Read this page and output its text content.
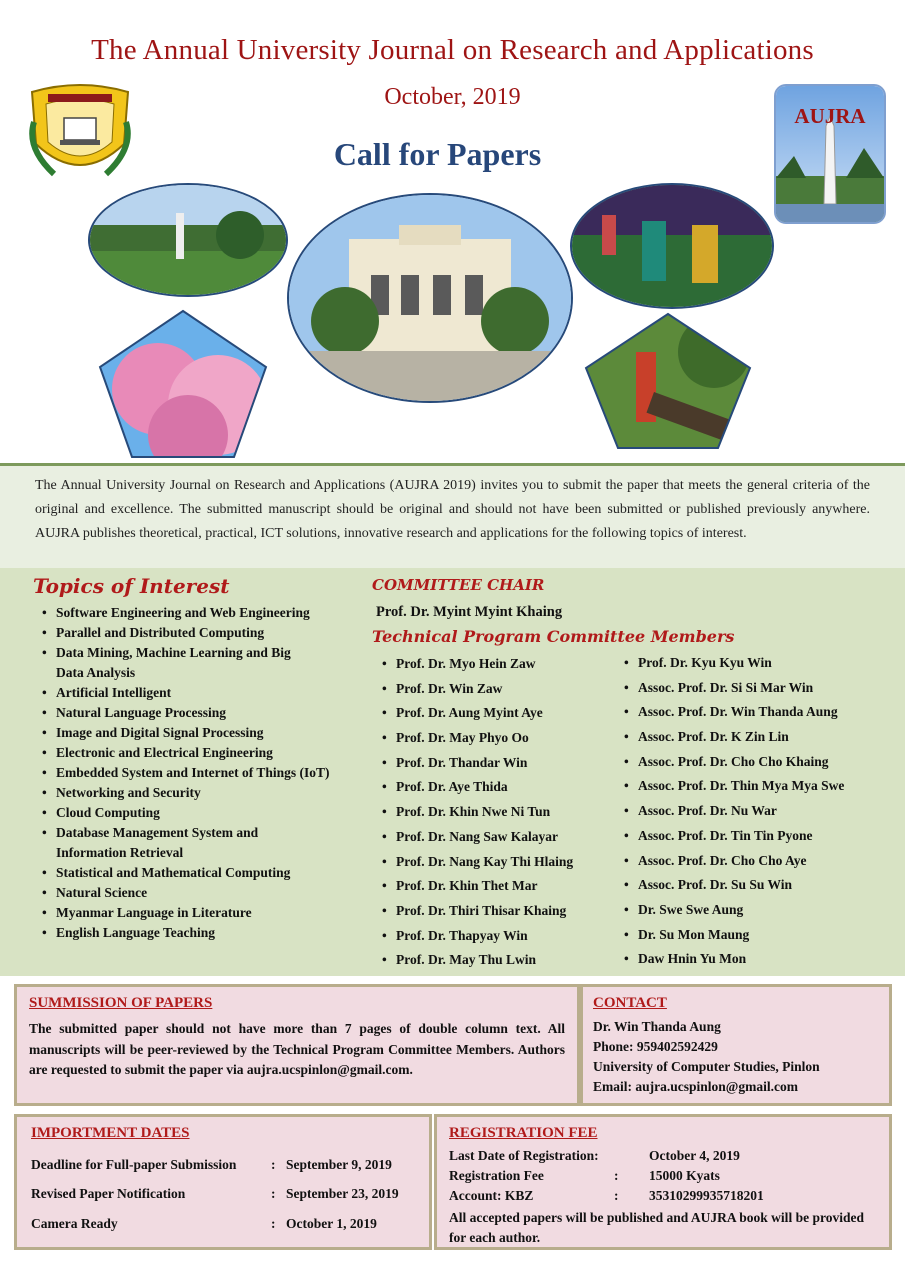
The Annual University Journal on Research and Applications
October, 2019
Call for Papers
AUJRA

The Annual University Journal on Research and Applications (AUJRA 2019) invites you to submit the paper that meets the general criteria of the original and excellence. The submitted manuscript should be original and should not have been submitted or published previously anywhere. AUJRA publishes theoretical, practical, ICT solutions, innovative research and applications for the following topics of interest.

Topics of Interest
• Software Engineering and Web Engineering
• Parallel and Distributed Computing
• Data Mining, Machine Learning and Big Data Analysis
• Artificial Intelligent
• Natural Language Processing
• Image and Digital Signal Processing
• Electronic and Electrical Engineering
• Embedded System and Internet of Things (IoT)
• Networking and Security
• Cloud Computing
• Database Management System and Information Retrieval
• Statistical and Mathematical Computing
• Natural Science
• Myanmar Language in Literature
• English Language Teaching
COMMITTEE CHAIR
Prof. Dr. Myint Myint Khaing
Technical Program Committee Members
• Prof. Dr. Myo Hein Zaw
• Prof. Dr. Win Zaw
• Prof. Dr. Aung Myint Aye
• Prof. Dr. May Phyo Oo
• Prof. Dr. Thandar Win
• Prof. Dr. Aye Thida
• Prof. Dr. Khin Nwe Ni Tun
• Prof. Dr. Nang Saw Kalayar
• Prof. Dr. Nang Kay Thi Hlaing
• Prof. Dr. Khin Thet Mar
• Prof. Dr. Thiri Thisar Khaing
• Prof. Dr. Thapyay Win
• Prof. Dr. May Thu Lwin
• Prof. Dr. Kyu Kyu Win
• Assoc. Prof. Dr. Si Si Mar Win
• Assoc. Prof. Dr. Win Thanda Aung
• Assoc. Prof. Dr. K Zin Lin
• Assoc. Prof. Dr. Cho Cho Khaing
• Assoc. Prof. Dr. Thin Mya Mya Swe
• Assoc. Prof. Dr. Nu War
• Assoc. Prof. Dr. Tin Tin Pyone
• Assoc. Prof. Dr. Cho Cho Aye
• Assoc. Prof. Dr. Su Su Win
• Dr. Swe Swe Aung
• Dr. Su Mon Maung
• Daw Hnin Yu Mon
SUMMISSION OF PAPERS
The submitted paper should not have more than 7 pages of double column text. All manuscripts will be peer-reviewed by the Technical Program Committee Members. Authors are requested to submit the paper via aujra.ucspinlon@gmail.com.
CONTACT
Dr. Win Thanda Aung
Phone: 959402592429
University of Computer Studies, Pinlon
Email: aujra.ucspinlon@gmail.com
IMPORTMENT DATES
Deadline for Full-paper Submission	: September 9, 2019
Revised Paper Notification	: September 23, 2019
Camera Ready	: October 1, 2019
REGISTRATION FEE
Last Date of Registration:	October 4, 2019
Registration Fee	:	15000 Kyats
Account: KBZ	:	35310299935718201
All accepted papers will be published and AUJRA book will be provided for each author.
